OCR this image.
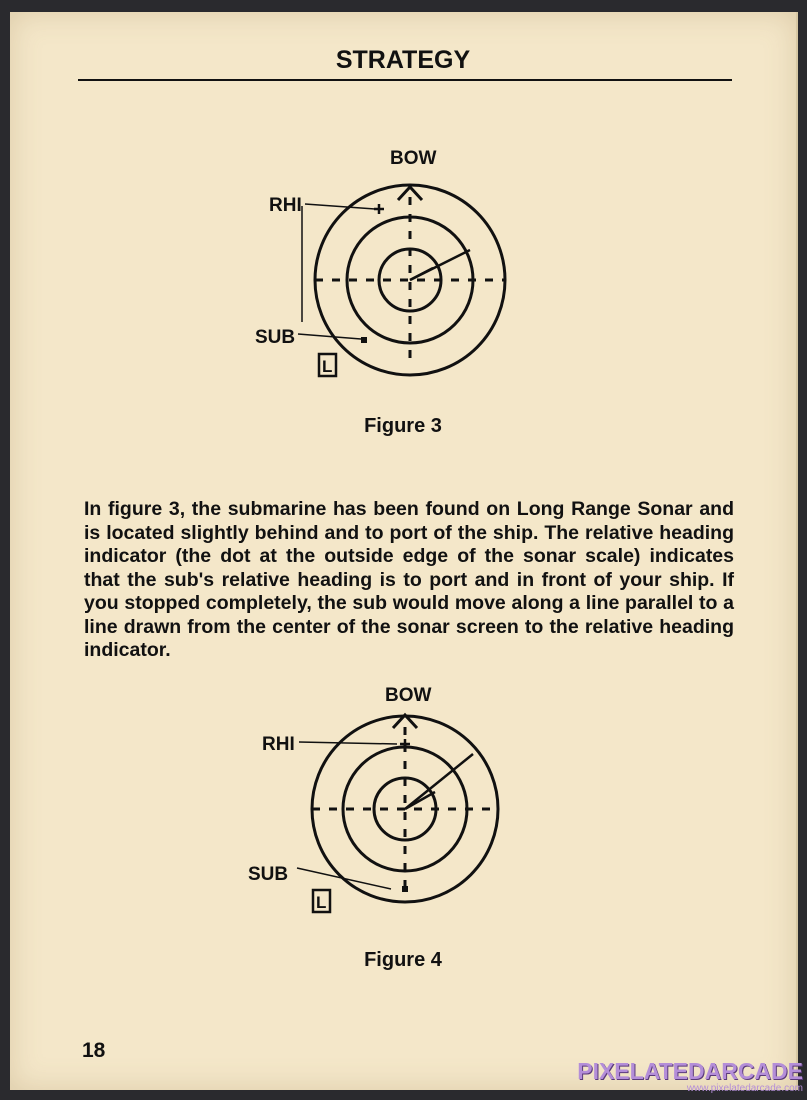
STRATEGY
BOW
RHI
SUB
L
Figure 3
In figure 3, the submarine has been found on Long Range Sonar and is located slightly behind and to port of the ship. The relative heading indicator (the dot at the outside edge of the sonar scale) indicates that the sub's relative heading is to port and in front of your ship. If you stopped completely, the sub would move along a line parallel to a line drawn from the center of the sonar screen to the relative heading indicator.
BOW
RHI
SUB
L
Figure 4
18
PIXELATEDARCADE
www.pixelatedarcade.com
